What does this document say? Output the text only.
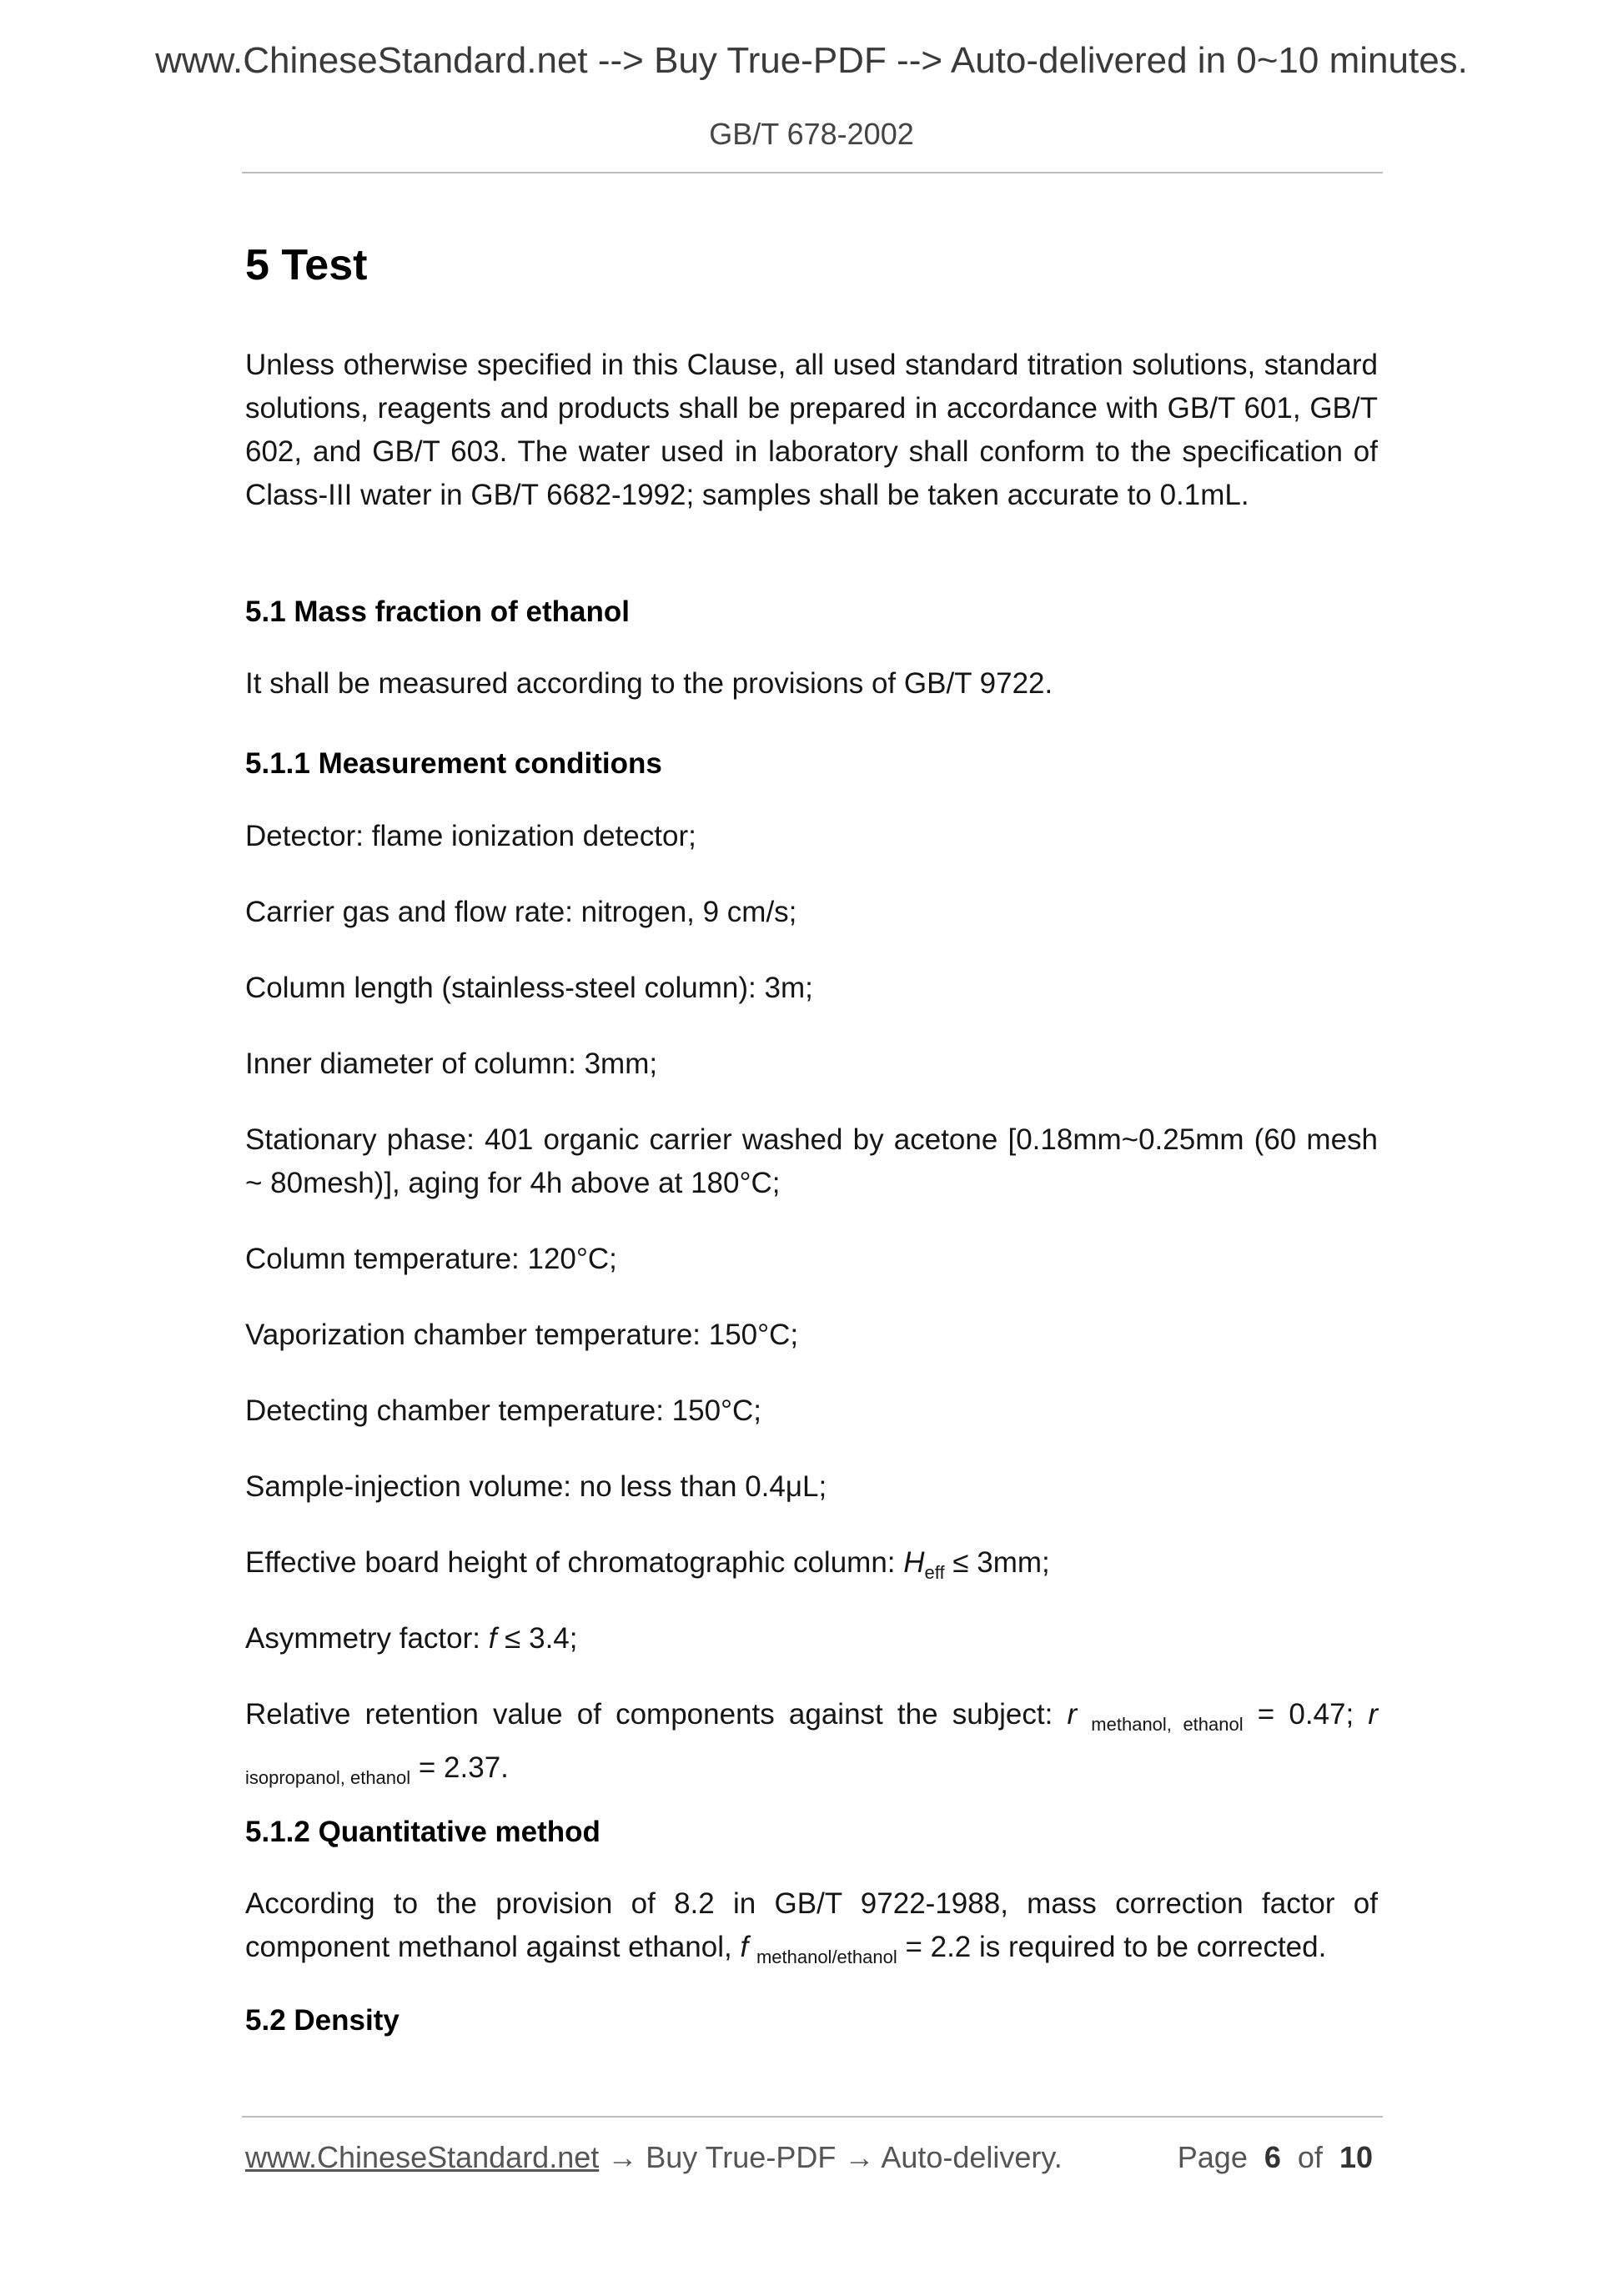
www.ChineseStandard.net --> Buy True-PDF --> Auto-delivered in 0~10 minutes.
GB/T 678-2002
5 Test
Unless otherwise specified in this Clause, all used standard titration solutions, standard solutions, reagents and products shall be prepared in accordance with GB/T 601, GB/T 602, and GB/T 603. The water used in laboratory shall conform to the specification of Class-III water in GB/T 6682-1992; samples shall be taken accurate to 0.1mL.
5.1 Mass fraction of ethanol
It shall be measured according to the provisions of GB/T 9722.
5.1.1 Measurement conditions
Detector: flame ionization detector;
Carrier gas and flow rate: nitrogen, 9 cm/s;
Column length (stainless-steel column): 3m;
Inner diameter of column: 3mm;
Stationary phase: 401 organic carrier washed by acetone [0.18mm~0.25mm (60 mesh ~ 80mesh)], aging for 4h above at 180°C;
Column temperature: 120°C;
Vaporization chamber temperature: 150°C;
Detecting chamber temperature: 150°C;
Sample-injection volume: no less than 0.4μL;
Effective board height of chromatographic column: $H_{eff} \le 3mm$;
Asymmetry factor: f ≤ 3.4;
Relative retention value of components against the subject: r $_{methanol, ethanol}$ = 0.47; r $_{isopropanol, ethanol}$ = 2.37.
5.1.2 Quantitative method
According to the provision of 8.2 in GB/T 9722-1988, mass correction factor of component methanol against ethanol, f $_{methanol/ethanol}$ = 2.2 is required to be corrected.
5.2 Density
www.ChineseStandard.net → Buy True-PDF → Auto-delivery.	Page 6 of 10
